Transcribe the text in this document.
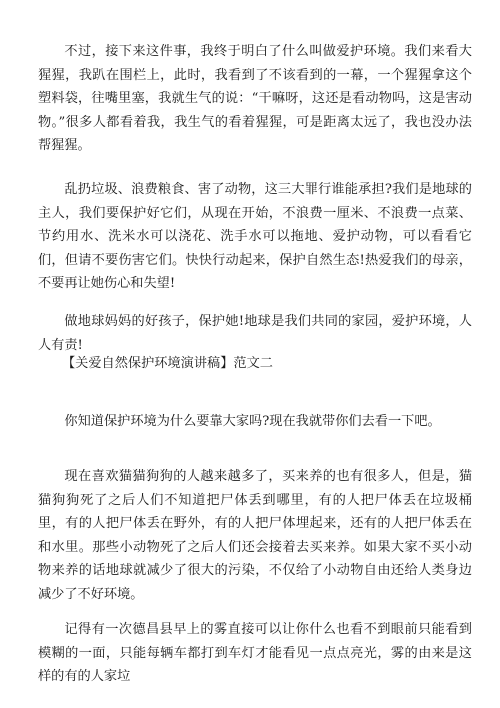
不过，接下来这件事，我终于明白了什么叫做爱护环境。我们来看大猩猩，我趴在围栏上，此时，我看到了不该看到的一幕，一个猩猩拿这个塑料袋，往嘴里塞，我就生气的说：“干嘛呀，这还是看动物吗，这是害动物。”很多人都看着我，我生气的看着猩猩，可是距离太远了，我也没办法帮猩猩。

乱扔垃圾、浪费粮食、害了动物，这三大罪行谁能承担?我们是地球的主人，我们要保护好它们，从现在开始，不浪费一厘米、不浪费一点菜、节约用水、洗米水可以浇花、洗手水可以拖地、爱护动物，可以看看它们，但请不要伤害它们。快快行动起来，保护自然生态!热爱我们的母亲，不要再让她伤心和失望!

做地球妈妈的好孩子，保护她!地球是我们共同的家园，爱护环境，人人有责!

【关爱自然保护环境演讲稿】范文二

你知道保护环境为什么要靠大家吗?现在我就带你们去看一下吧。

现在喜欢猫猫狗狗的人越来越多了，买来养的也有很多人，但是，猫猫狗狗死了之后人们不知道把尸体丢到哪里，有的人把尸体丢在垃圾桶里，有的人把尸体丢在野外，有的人把尸体埋起来，还有的人把尸体丢在和水里。那些小动物死了之后人们还会接着去买来养。如果大家不买小动物来养的话地球就减少了很大的污染，不仅给了小动物自由还给人类身边减少了不好环境。

记得有一次德昌县早上的雾直接可以让你什么也看不到眼前只能看到模糊的一面，只能每辆车都打到车灯才能看见一点点亮光，雾的由来是这样的有的人家垃
